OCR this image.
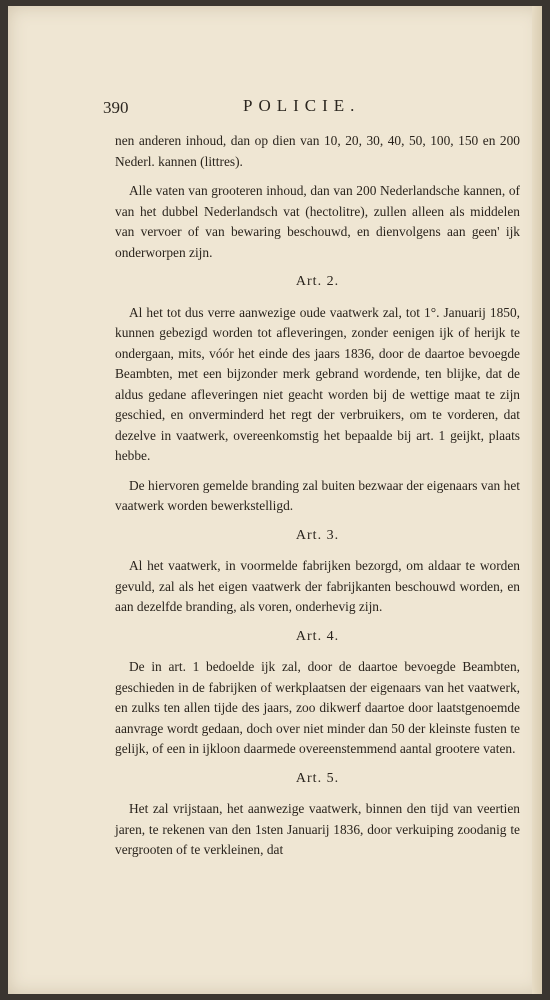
390	POLICIE.

nen anderen inhoud, dan op dien van 10, 20, 30, 40, 50, 100, 150 en 200 Nederl. kannen (littres).

Alle vaten van grooteren inhoud, dan van 200 Nederlandsche kannen, of van het dubbel Nederlandsch vat (hectolitre), zullen alleen als middelen van vervoer of van bewaring beschouwd, en dienvolgens aan geen' ijk onderworpen zijn.

Art. 2.

Al het tot dus verre aanwezige oude vaatwerk zal, tot 1°. Januarij 1850, kunnen gebezigd worden tot afleveringen, zonder eenigen ijk of herijk te ondergaan, mits, vóór het einde des jaars 1836, door de daartoe bevoegde Beambten, met een bijzonder merk gebrand wordende, ten blijke, dat de aldus gedane afleveringen niet geacht worden bij de wettige maat te zijn geschied, en onverminderd het regt der verbruikers, om te vorderen, dat dezelve in vaatwerk, overeenkomstig het bepaalde bij art. 1 geijkt, plaats hebbe.

De hiervoren gemelde branding zal buiten bezwaar der eigenaars van het vaatwerk worden bewerkstelligd.

Art. 3.

Al het vaatwerk, in voormelde fabrijken bezorgd, om aldaar te worden gevuld, zal als het eigen vaatwerk der fabrijkanten beschouwd worden, en aan dezelfde branding, als voren, onderhevig zijn.

Art. 4.

De in art. 1 bedoelde ijk zal, door de daartoe bevoegde Beambten, geschieden in de fabrijken of werkplaatsen der eigenaars van het vaatwerk, en zulks ten allen tijde des jaars, zoo dikwerf daartoe door laatstgenoemde aanvrage wordt gedaan, doch over niet minder dan 50 der kleinste fusten te gelijk, of een in ijkloon daarmede overeenstemmend aantal grootere vaten.

Art. 5.

Het zal vrijstaan, het aanwezige vaatwerk, binnen den tijd van veertien jaren, te rekenen van den 1sten Januarij 1836, door verkuiping zoodanig te vergrooten of te verkleinen, dat
